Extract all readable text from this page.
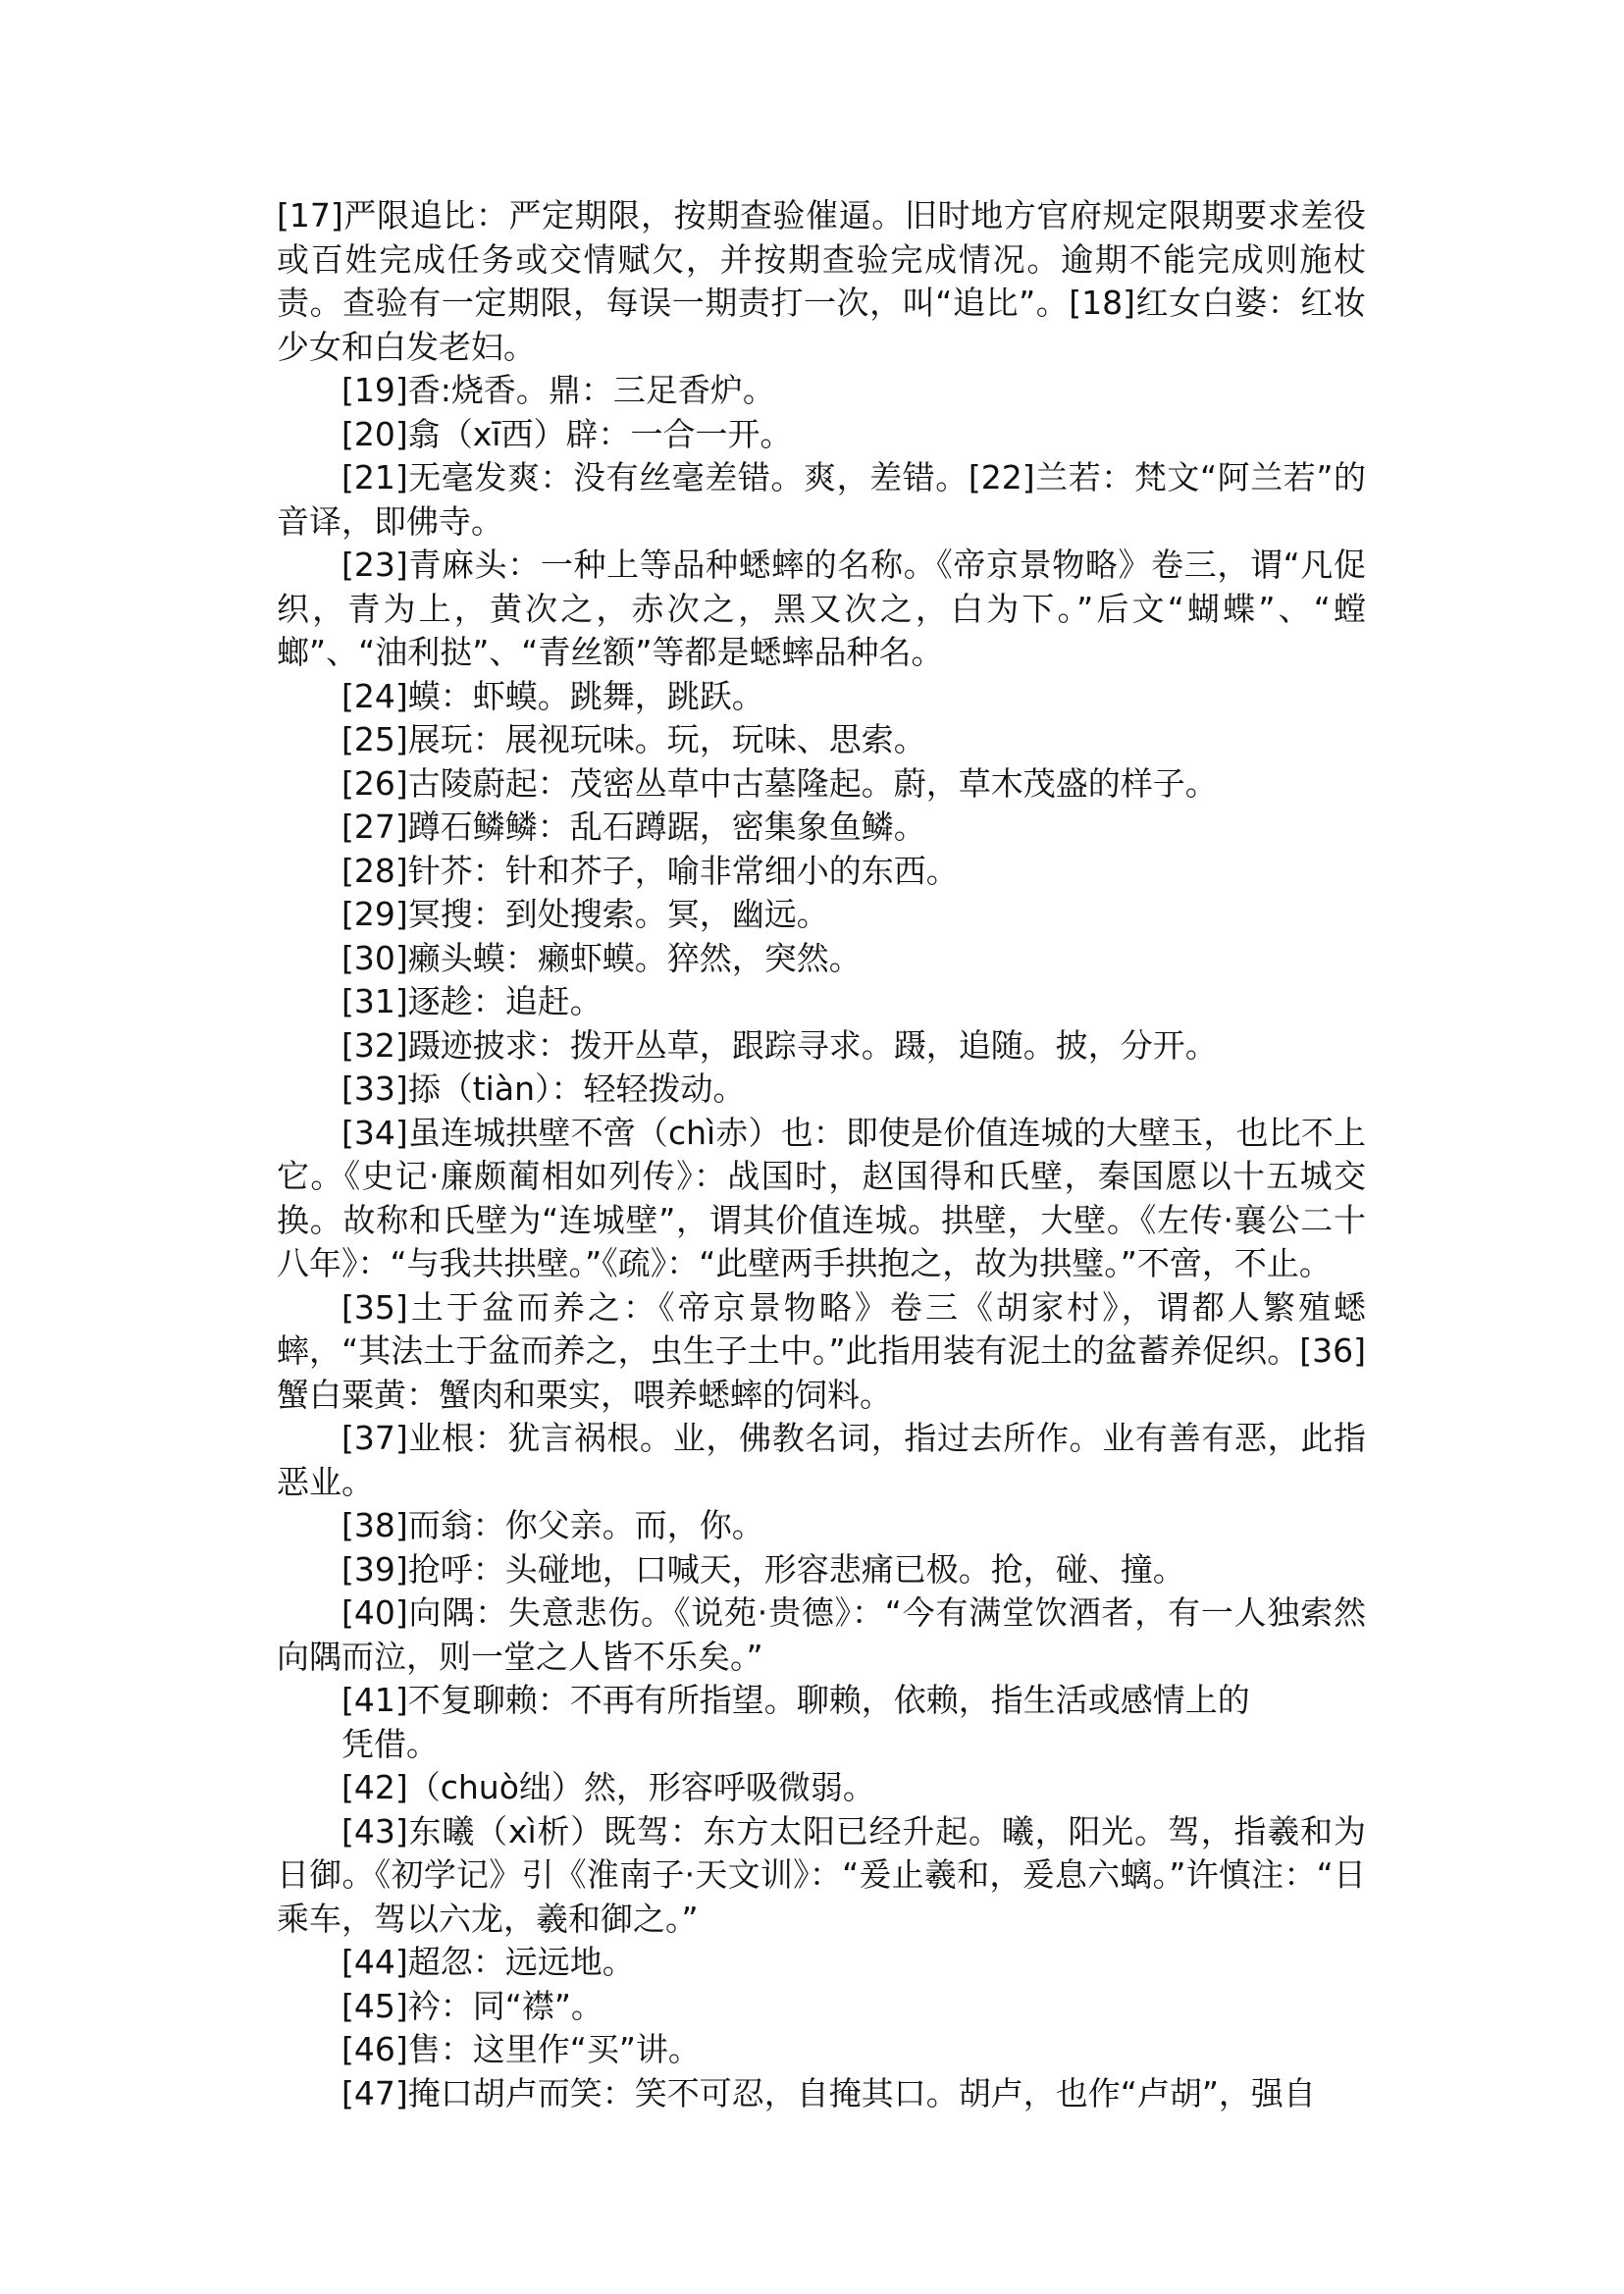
[17]严限追比：严定期限，按期查验催逼。旧时地方官府规定限期要求差役或百姓完成任务或交情赋欠，并按期查验完成情况。逾期不能完成则施杖责。查验有一定期限，每误一期责打一次，叫“追比”。[18]红女白婆：红妆少女和白发老妇。

[19]香:烧香。鼎：三足香炉。

[20]翕（xī西）辟：一合一开。

[21]无毫发爽：没有丝毫差错。爽，差错。[22]兰若：梵文“阿兰若”的音译，即佛寺。

[23]青麻头：一种上等品种蟋蟀的名称。《帝京景物略》卷三，谓“凡促织，青为上，黄次之，赤次之，黑又次之，白为下。”后文“蝴蝶”、“螳螂”、“油利挞”、“青丝额”等都是蟋蟀品种名。

[24]蟆：虾蟆。跳舞，跳跃。

[25]展玩：展视玩味。玩，玩味、思索。

[26]古陵蔚起：茂密丛草中古墓隆起。蔚，草木茂盛的样子。

[27]蹲石鳞鳞：乱石蹲踞，密集象鱼鳞。

[28]针芥：针和芥子，喻非常细小的东西。

[29]冥搜：到处搜索。冥，幽远。

[30]癞头蟆：癞虾蟆。猝然，突然。

[31]逐趁：追赶。

[32]蹑迹披求：拨开丛草，跟踪寻求。蹑，追随。披，分开。

[33]掭（tiàn）：轻轻拨动。

[34]虽连城拱壁不啻（chì赤）也：即使是价值连城的大壁玉，也比不上它。《史记·廉颇蔺相如列传》：战国时，赵国得和氏壁，秦国愿以十五城交换。故称和氏壁为“连城壁”，谓其价值连城。拱壁，大壁。《左传·襄公二十八年》：“与我共拱壁。”《疏》：“此壁两手拱抱之，故为拱璧。”不啻，不止。

[35]土于盆而养之：《帝京景物略》卷三《胡家村》，谓都人繁殖蟋蟀，“其法土于盆而养之，虫生子土中。”此指用装有泥土的盆蓄养促织。[36]蟹白粟黄：蟹肉和栗实，喂养蟋蟀的饲料。

[37]业根：犹言祸根。业，佛教名词，指过去所作。业有善有恶，此指恶业。

[38]而翁：你父亲。而，你。

[39]抢呼：头碰地，口喊天，形容悲痛已极。抢，碰、撞。

[40]向隅：失意悲伤。《说苑·贵德》：“今有满堂饮酒者，有一人独索然向隅而泣，则一堂之人皆不乐矣。”

[41]不复聊赖：不再有所指望。聊赖，依赖，指生活或感情上的

凭借。

[42]（chuò绌）然，形容呼吸微弱。

[43]东曦（xì析）既驾：东方太阳已经升起。曦，阳光。驾，指羲和为日御。《初学记》引《淮南子·天文训》：“爰止羲和，爰息六螭。”许慎注：“日乘车，驾以六龙，羲和御之。”

[44]超忽：远远地。

[45]衿：同“襟”。

[46]售：这里作“买”讲。

[47]掩口胡卢而笑：笑不可忍，自掩其口。胡卢，也作“卢胡”，强自
